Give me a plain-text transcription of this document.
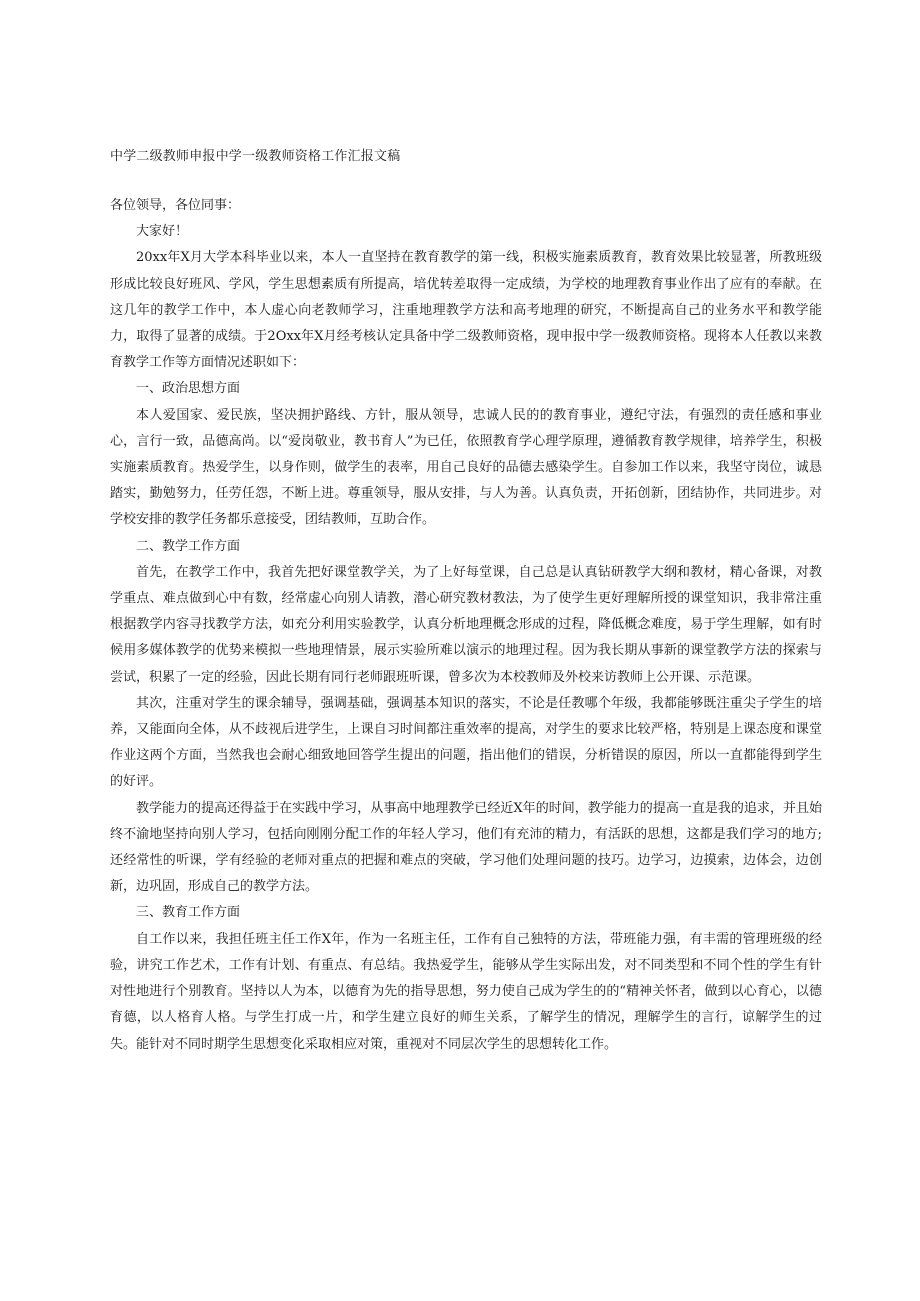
中学二级教师申报中学一级教师资格工作汇报文稿

各位领导，各位同事：

大家好！

20xx年X月大学本科毕业以来，本人一直坚持在教育教学的第一线，积极实施素质教育，教育效果比较显著，所教班级形成比较良好班风、学风，学生思想素质有所提高，培优转差取得一定成绩，为学校的地理教育事业作出了应有的奉献。在这几年的教学工作中，本人虚心向老教师学习，注重地理教学方法和高考地理的研究，不断提高自己的业务水平和教学能力，取得了显著的成绩。于2Oxx年X月经考核认定具备中学二级教师资格，现申报中学一级教师资格。现将本人任教以来教育教学工作等方面情况述职如下：

一、政治思想方面

本人爱国家、爱民族，坚决拥护路线、方针，服从领导，忠诚人民的的教育事业，遵纪守法，有强烈的责任感和事业心，言行一致，品德高尚。以“爱岗敬业，教书育人”为已任，依照教育学心理学原理，遵循教育教学规律，培养学生，积极实施素质教育。热爱学生，以身作则，做学生的表率，用自己良好的品德去感染学生。自参加工作以来，我坚守岗位，诚恳踏实，勤勉努力，任劳任怨，不断上进。尊重领导，服从安排，与人为善。认真负责，开拓创新，团结协作，共同进步。对学校安排的教学任务都乐意接受，团结教师，互助合作。

二、教学工作方面

首先，在教学工作中，我首先把好课堂教学关，为了上好每堂课，自己总是认真钻研教学大纲和教材，精心备课，对教学重点、难点做到心中有数，经常虚心向别人请教，潜心研究教材教法，为了使学生更好理解所授的课堂知识，我非常注重根据教学内容寻找教学方法，如充分利用实验教学，认真分析地理概念形成的过程，降低概念难度，易于学生理解，如有时候用多媒体教学的优势来模拟一些地理情景，展示实验所难以演示的地理过程。因为我长期从事新的课堂教学方法的探索与尝试，积累了一定的经验，因此长期有同行老师跟班听课，曾多次为本校教师及外校来访教师上公开课、示范课。

其次，注重对学生的课余辅导，强调基础，强调基本知识的落实，不论是任教哪个年级，我都能够既注重尖子学生的培养，又能面向全体，从不歧视后进学生，上课自习时间都注重效率的提高，对学生的要求比较严格，特别是上课态度和课堂作业这两个方面，当然我也会耐心细致地回答学生提出的问题，指出他们的错误，分析错误的原因，所以一直都能得到学生的好评。

教学能力的提高还得益于在实践中学习，从事高中地理教学已经近X年的时间，教学能力的提高一直是我的追求，并且始终不渝地坚持向别人学习，包括向刚刚分配工作的年轻人学习，他们有充沛的精力，有活跃的思想，这都是我们学习的地方;还经常性的听课，学有经验的老师对重点的把握和难点的突破，学习他们处理问题的技巧。边学习，边摸索，边体会，边创新，边巩固，形成自己的教学方法。

三、教育工作方面

自工作以来，我担任班主任工作X年，作为一名班主任，工作有自己独特的方法，带班能力强，有丰需的管理班级的经验，讲究工作艺术，工作有计划、有重点、有总结。我热爱学生，能够从学生实际出发，对不同类型和不同个性的学生有针对性地进行个别教育。坚持以人为本，以德育为先的指导思想，努力使自己成为学生的的“精神关怀者，做到以心育心，以德育德，以人格育人格。与学生打成一片，和学生建立良好的师生关系，了解学生的情况，理解学生的言行，谅解学生的过失。能针对不同时期学生思想变化采取相应对策，重视对不同层次学生的思想转化工作。
